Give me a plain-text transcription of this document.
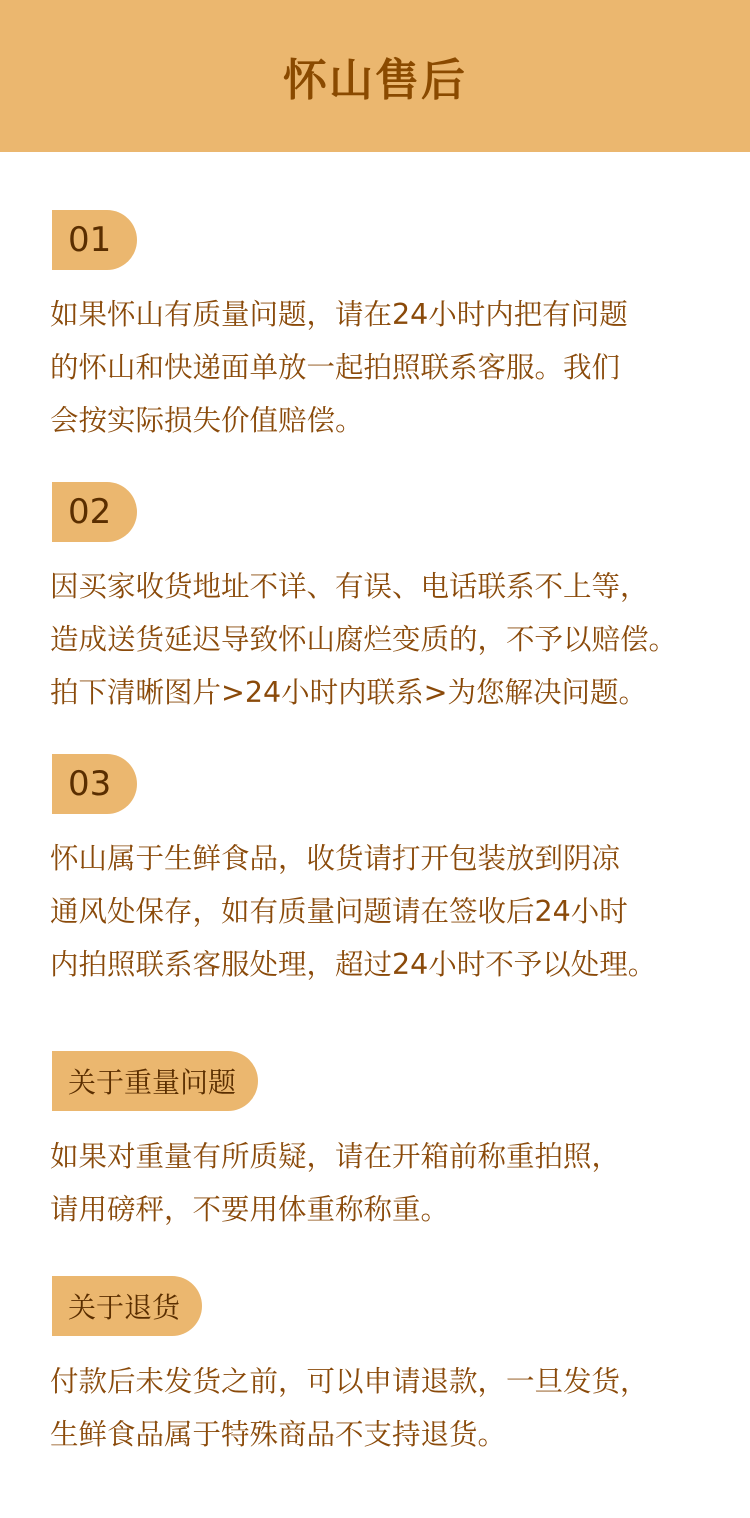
怀山售后
01
如果怀山有质量问题，请在24小时内把有问题
的怀山和快递面单放一起拍照联系客服。我们
会按实际损失价值赔偿。
02
因买家收货地址不详、有误、电话联系不上等，
造成送货延迟导致怀山腐烂变质的，不予以赔偿。
拍下清晰图片>24小时内联系>为您解决问题。
03
怀山属于生鲜食品，收货请打开包装放到阴凉
通风处保存，如有质量问题请在签收后24小时
内拍照联系客服处理，超过24小时不予以处理。
关于重量问题
如果对重量有所质疑，请在开箱前称重拍照，
请用磅秤，不要用体重称称重。
关于退货
付款后未发货之前，可以申请退款，一旦发货，
生鲜食品属于特殊商品不支持退货。
